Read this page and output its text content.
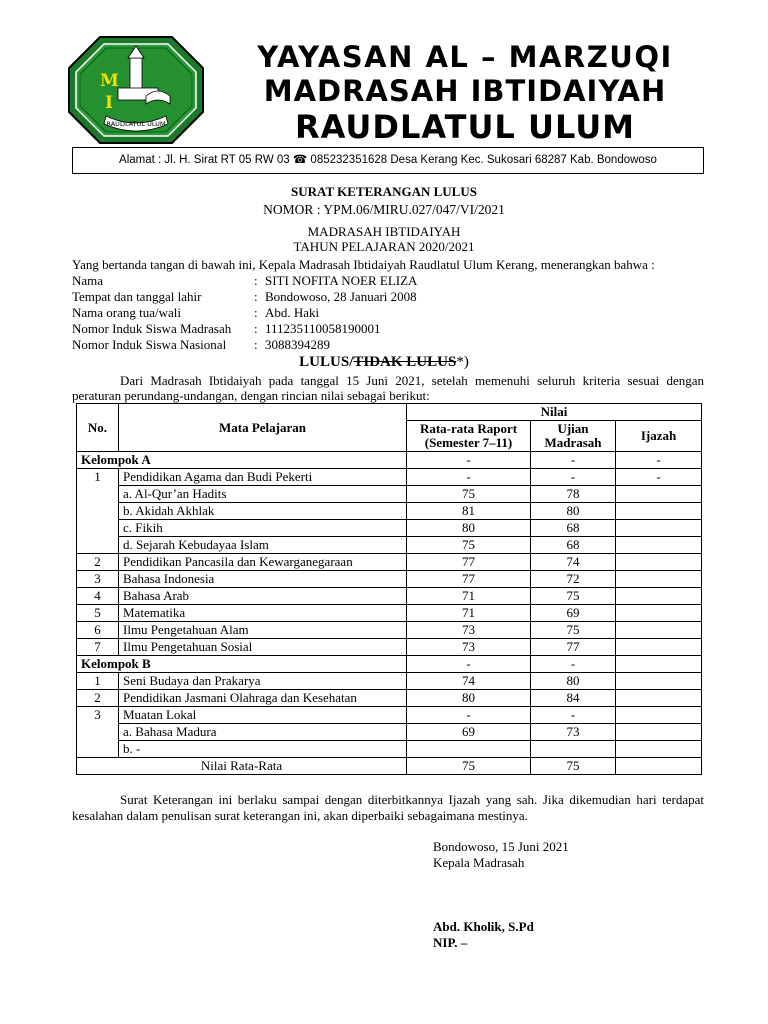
M
I
RAUDLATUL ULUM
YAYASAN AL – MARZUQI
MADRASAH IBTIDAIYAH
RAUDLATUL ULUM
Alamat : Jl. H. Sirat RT 05 RW 03 ☎ 085232351628 Desa Kerang Kec. Sukosari 68287 Kab. Bondowoso
SURAT KETERANGAN LULUS
NOMOR : YPM.06/MIRU.027/047/VI/2021
MADRASAH IBTIDAIYAH
TAHUN PELAJARAN 2020/2021
Yang bertanda tangan di bawah ini, Kepala Madrasah Ibtidaiyah Raudlatul Ulum Kerang, menerangkan bahwa :
Nama	: SITI NOFITA NOER ELIZA
Tempat dan tanggal lahir	: Bondowoso, 28 Januari 2008
Nama orang tua/wali	: Abd. Haki
Nomor Induk Siswa Madrasah : 111235110058190001
Nomor Induk Siswa Nasional : 3088394289
LULUS/TIDAK LULUS*)
Dari Madrasah Ibtidaiyah pada tanggal 15 Juni 2021, setelah memenuhi seluruh kriteria sesuai dengan peraturan perundang-undangan, dengan rincian nilai sebagai berikut:
No.	Mata Pelajaran	Nilai		
		Rata-rata Raport (Semester 7–11)	Ujian Madrasah	Ijazah
Kelompok A		-	-	-
1	Pendidikan Agama dan Budi Pekerti	-	-	-
	a. Al-Qur’an Hadits	75	78	
	b. Akidah Akhlak	81	80	
	c. Fikih	80	68	
	d. Sejarah Kebudayaa Islam	75	68	
2	Pendidikan Pancasila dan Kewarganegaraan	77	74	
3	Bahasa Indonesia	77	72	
4	Bahasa Arab	71	75	
5	Matematika	71	69	
6	Ilmu Pengetahuan Alam	73	75	
7	Ilmu Pengetahuan Sosial	73	77	
Kelompok B		-	-	
1	Seni Budaya dan Prakarya	74	80	
2	Pendidikan Jasmani Olahraga dan Kesehatan	80	84	
3	Muatan Lokal	-	-	
	a. Bahasa Madura	69	73	
	b. -			
Nilai Rata-Rata		75	75	
Surat Keterangan ini berlaku sampai dengan diterbitkannya Ijazah yang sah. Jika dikemudian hari terdapat kesalahan dalam penulisan surat keterangan ini, akan diperbaiki sebagaimana mestinya.
Bondowoso, 15 Juni 2021
Kepala Madrasah
Abd. Kholik, S.Pd
NIP. –
